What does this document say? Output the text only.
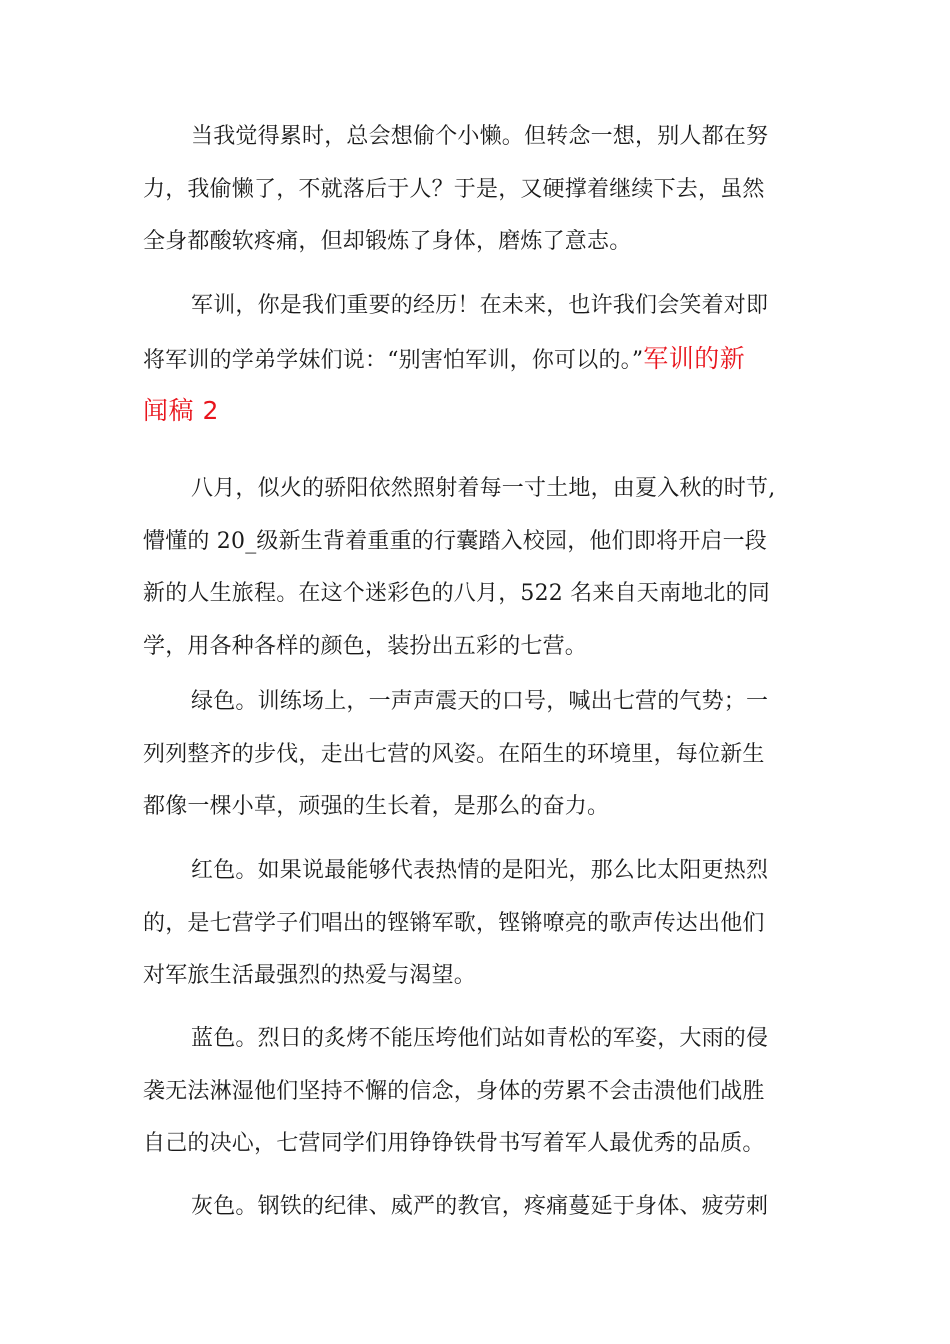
当我觉得累时，总会想偷个小懒。但转念一想，别人都在努
力，我偷懒了，不就落后于人？于是，又硬撑着继续下去，虽然
全身都酸软疼痛，但却锻炼了身体，磨炼了意志。
军训，你是我们重要的经历！在未来，也许我们会笑着对即
将军训的学弟学妹们说：“别害怕军训，你可以的。”军训的新
闻稿 2
八月，似火的骄阳依然照射着每一寸土地，由夏入秋的时节,
懵懂的 20_级新生背着重重的行囊踏入校园，他们即将开启一段
新的人生旅程。在这个迷彩色的八月，522 名来自天南地北的同
学，用各种各样的颜色，装扮出五彩的七营。
绿色。训练场上，一声声震天的口号，喊出七营的气势；一
列列整齐的步伐，走出七营的风姿。在陌生的环境里，每位新生
都像一棵小草，顽强的生长着，是那么的奋力。
红色。如果说最能够代表热情的是阳光，那么比太阳更热烈
的，是七营学子们唱出的铿锵军歌，铿锵嘹亮的歌声传达出他们
对军旅生活最强烈的热爱与渴望。
蓝色。烈日的炙烤不能压垮他们站如青松的军姿，大雨的侵
袭无法淋湿他们坚持不懈的信念，身体的劳累不会击溃他们战胜
自己的决心，七营同学们用铮铮铁骨书写着军人最优秀的品质。
灰色。钢铁的纪律、威严的教官，疼痛蔓延于身体、疲劳刺
